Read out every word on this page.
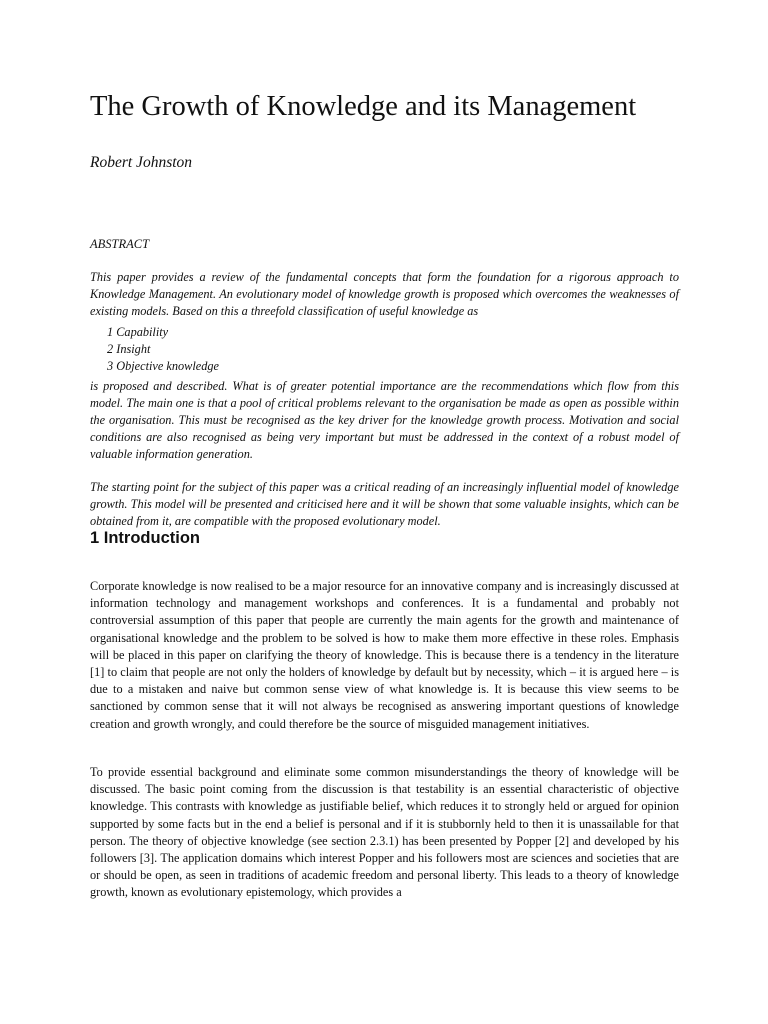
The Growth of Knowledge and its Management
Robert Johnston
ABSTRACT

This paper provides a review of the fundamental concepts that form the foundation for a rigorous approach to Knowledge Management. An evolutionary model of knowledge growth is proposed which overcomes the weaknesses of existing models. Based on this a threefold classification of useful knowledge as

1 Capability
2 Insight
3 Objective knowledge

is proposed and described. What is of greater potential importance are the recommendations which flow from this model. The main one is that a pool of critical problems relevant to the organisation be made as open as possible within the organisation. This must be recognised as the key driver for the knowledge growth process. Motivation and social conditions are also recognised as being very important but must be addressed in the context of a robust model of valuable information generation.

The starting point for the subject of this paper was a critical reading of an increasingly influential model of knowledge growth. This model will be presented and criticised here and it will be shown that some valuable insights, which can be obtained from it, are compatible with the proposed evolutionary model.

1 Introduction

Corporate knowledge is now realised to be a major resource for an innovative company and is increasingly discussed at information technology and management workshops and conferences. It is a fundamental and probably not controversial assumption of this paper that people are currently the main agents for the growth and maintenance of organisational knowledge and the problem to be solved is how to make them more effective in these roles. Emphasis will be placed in this paper on clarifying the theory of knowledge. This is because there is a tendency in the literature [1] to claim that people are not only the holders of knowledge by default but by necessity, which – it is argued here – is due to a mistaken and naive but common sense view of what knowledge is. It is because this view seems to be sanctioned by common sense that it will not always be recognised as answering important questions of knowledge creation and growth wrongly, and could therefore be the source of misguided management initiatives.

To provide essential background and eliminate some common misunderstandings the theory of knowledge will be discussed. The basic point coming from the discussion is that testability is an essential characteristic of objective knowledge. This contrasts with knowledge as justifiable belief, which reduces it to strongly held or argued for opinion supported by some facts but in the end a belief is personal and if it is stubbornly held to then it is unassailable for that person. The theory of objective knowledge (see section 2.3.1) has been presented by Popper [2] and developed by his followers [3]. The application domains which interest Popper and his followers most are sciences and societies that are or should be open, as seen in traditions of academic freedom and personal liberty. This leads to a theory of knowledge growth, known as evolutionary epistemology, which provides a
